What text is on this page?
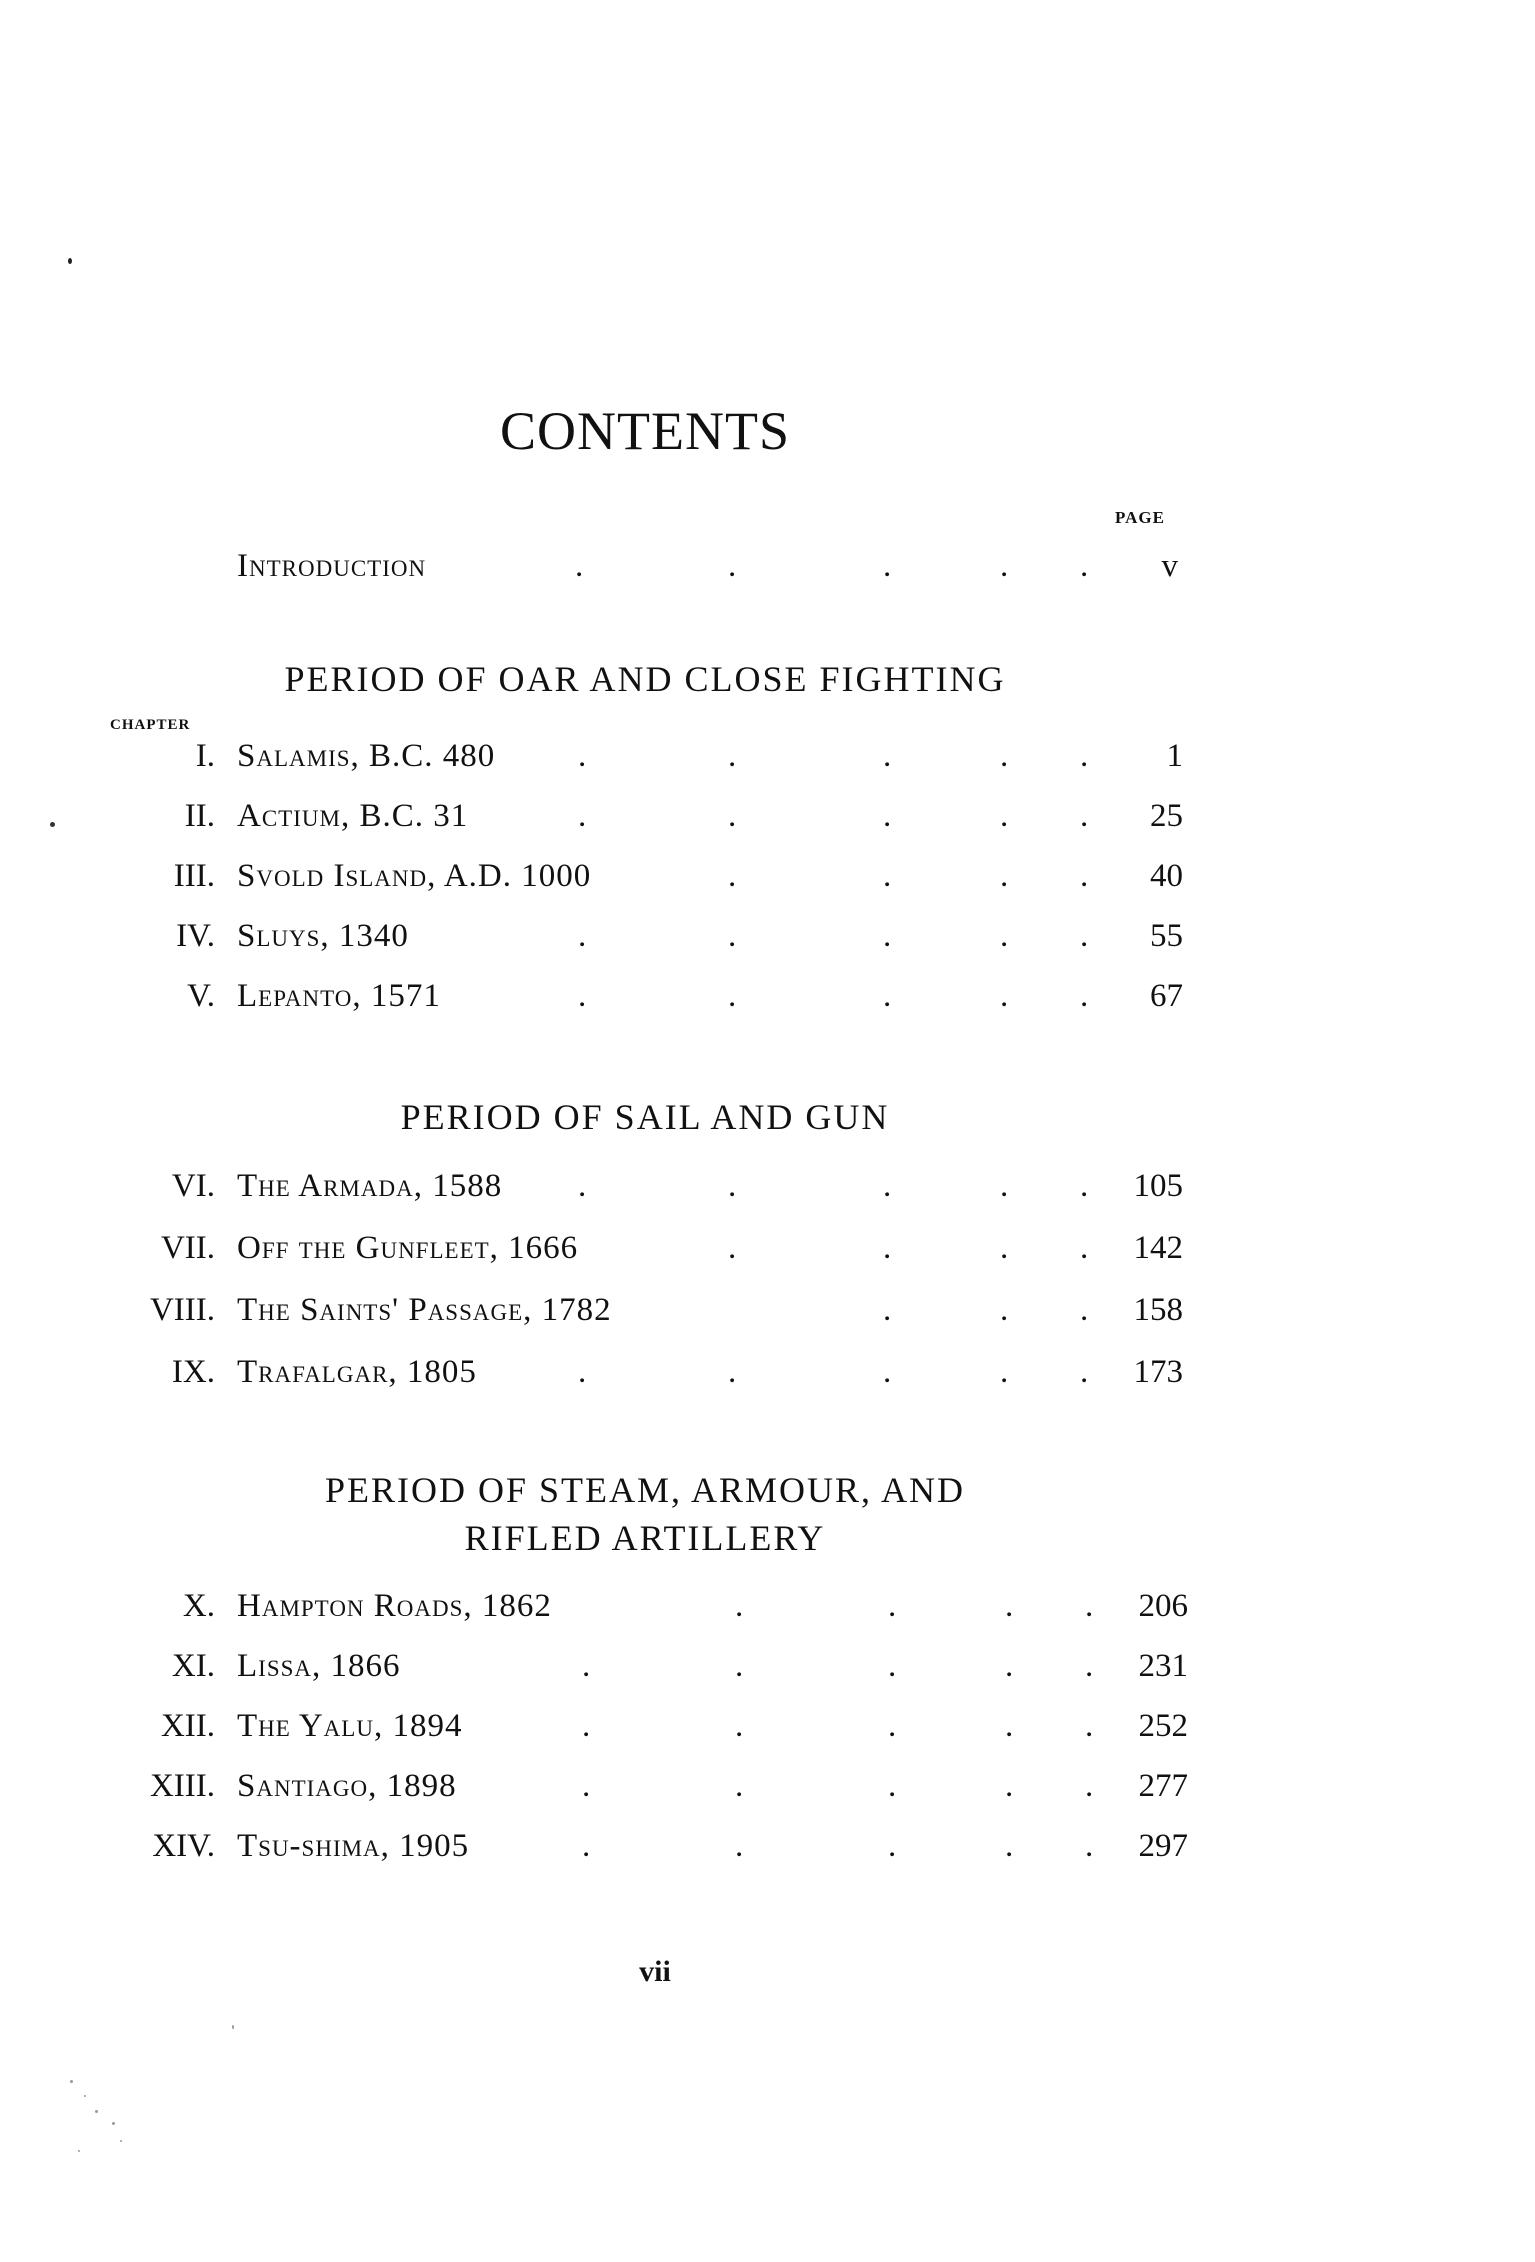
CONTENTS
PAGE
Introduction	.	.	.	. . v
PERIOD OF OAR AND CLOSE FIGHTING
CHAPTER
I. Salamis, B.C. 480	.	.	.	. . 1
II. Actium, B.C. 31	.	.	.	. . 25
III. Svold Island, A.D. 1000	.	.	. . 40
IV. Sluys, 1340	.	.	.	. . 55
V. Lepanto, 1571	.	.	.	. . 67
PERIOD OF SAIL AND GUN
VI. The Armada, 1588 .	.	.	. . 105
VII. Off the Gunfleet, 1666	.	.	. . 142
VIII. The Saints' Passage, 1782	.	. . 158
IX. Trafalgar, 1805	.	.	.	. . 173
PERIOD OF STEAM, ARMOUR, AND
RIFLED ARTILLERY
X. Hampton Roads, 1862	.	.	. . 206
XI. Lissa, 1866	.	.	.	. . 231
XII. The Yalu, 1894	.	.	.	. . 252
XIII. Santiago, 1898	.	.	.	. . 277
XIV. Tsu-shima, 1905	.	.	.	. . 297
vii
